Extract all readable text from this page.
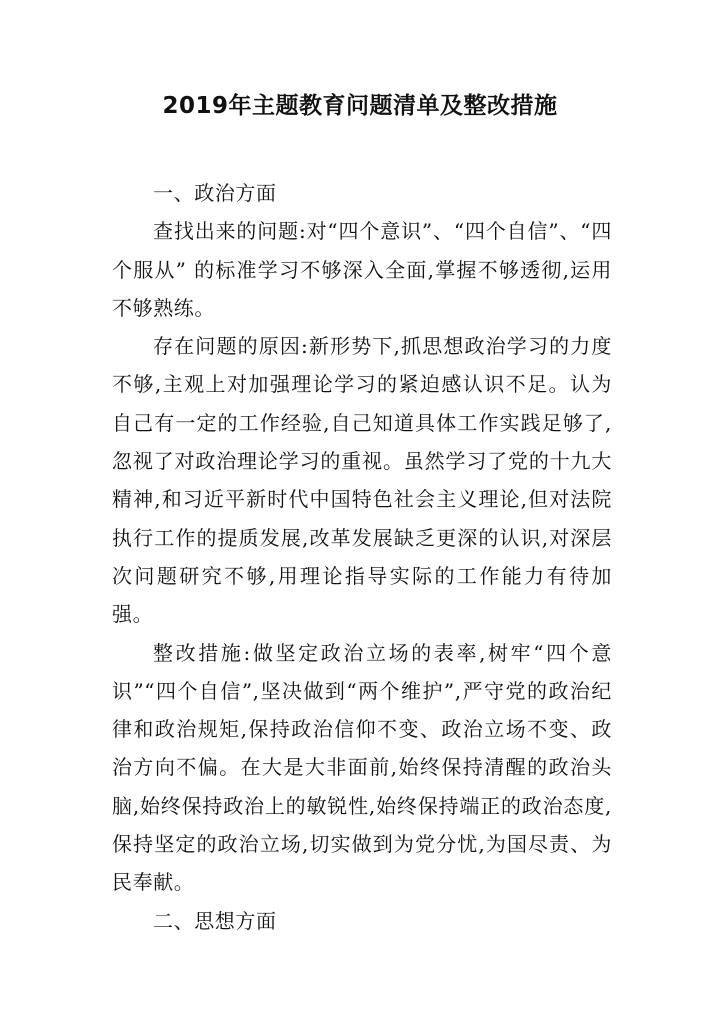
2019年主题教育问题清单及整改措施

一、政治方面

查找出来的问题:对“四个意识”、“四个自信”、“四个服从” 的标准学习不够深入全面,掌握不够透彻,运用不够熟练。

存在问题的原因:新形势下,抓思想政治学习的力度不够,主观上对加强理论学习的紧迫感认识不足。认为自己有一定的工作经验,自己知道具体工作实践足够了,忽视了对政治理论学习的重视。虽然学习了党的十九大精神,和习近平新时代中国特色社会主义理论,但对法院执行工作的提质发展,改革发展缺乏更深的认识,对深层次问题研究不够,用理论指导实际的工作能力有待加强。

整改措施:做坚定政治立场的表率,树牢“四个意识”“四个自信”,坚决做到“两个维护”,严守党的政治纪律和政治规矩,保持政治信仰不变、政治立场不变、政治方向不偏。在大是大非面前,始终保持清醒的政治头脑,始终保持政治上的敏锐性,始终保持端正的政治态度,保持坚定的政治立场,切实做到为党分忧,为国尽责、为民奉献。

二、思想方面
